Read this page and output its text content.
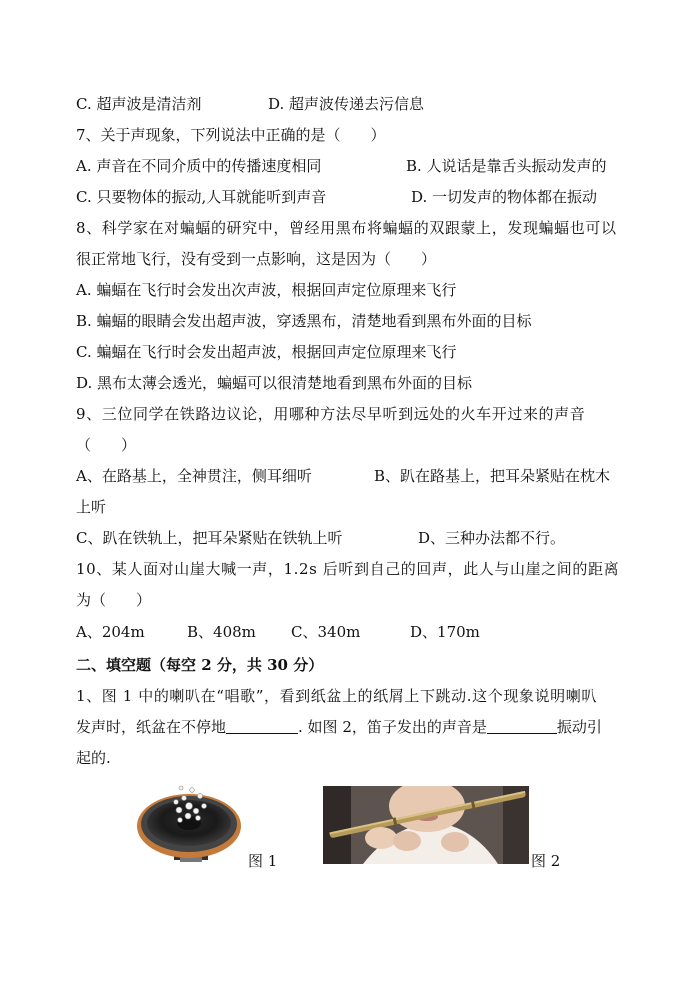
C. 超声波是清洁剂	D. 超声波传递去污信息
7、关于声现象，下列说法中正确的是（　　）
A. 声音在不同介质中的传播速度相同	B. 人说话是靠舌头振动发声的
C. 只要物体的振动,人耳就能听到声音	D. 一切发声的物体都在振动
8、科学家在对蝙蝠的研究中，曾经用黑布将蝙蝠的双跟蒙上，发现蝙蝠也可以
很正常地飞行，没有受到一点影响，这是因为（　　）
A. 蝙蝠在飞行时会发出次声波，根据回声定位原理来飞行
B. 蝙蝠的眼睛会发出超声波，穿透黑布，清楚地看到黑布外面的目标
C. 蝙蝠在飞行时会发出超声波，根据回声定位原理来飞行
D. 黑布太薄会透光，蝙蝠可以很清楚地看到黑布外面的目标
9、三位同学在铁路边议论，用哪种方法尽早听到远处的火车开过来的声音
（　　）
A、在路基上，全神贯注，侧耳细听	B、趴在路基上，把耳朵紧贴在枕木
上听
C、趴在铁轨上，把耳朵紧贴在铁轨上听	D、三种办法都不行。
10、某人面对山崖大喊一声，1.2s 后听到自己的回声，此人与山崖之间的距离
为（　　）
A、204m	B、408m C、340m	D、170m
二、填空题（每空 2 分，共 30 分）
1、图 1 中的喇叭在“唱歌”，看到纸盆上的纸屑上下跳动.这个现象说明喇叭
发声时，纸盆在不停地	. 如图 2，笛子发出的声音是	振动引
起的.
图 1	图 2
